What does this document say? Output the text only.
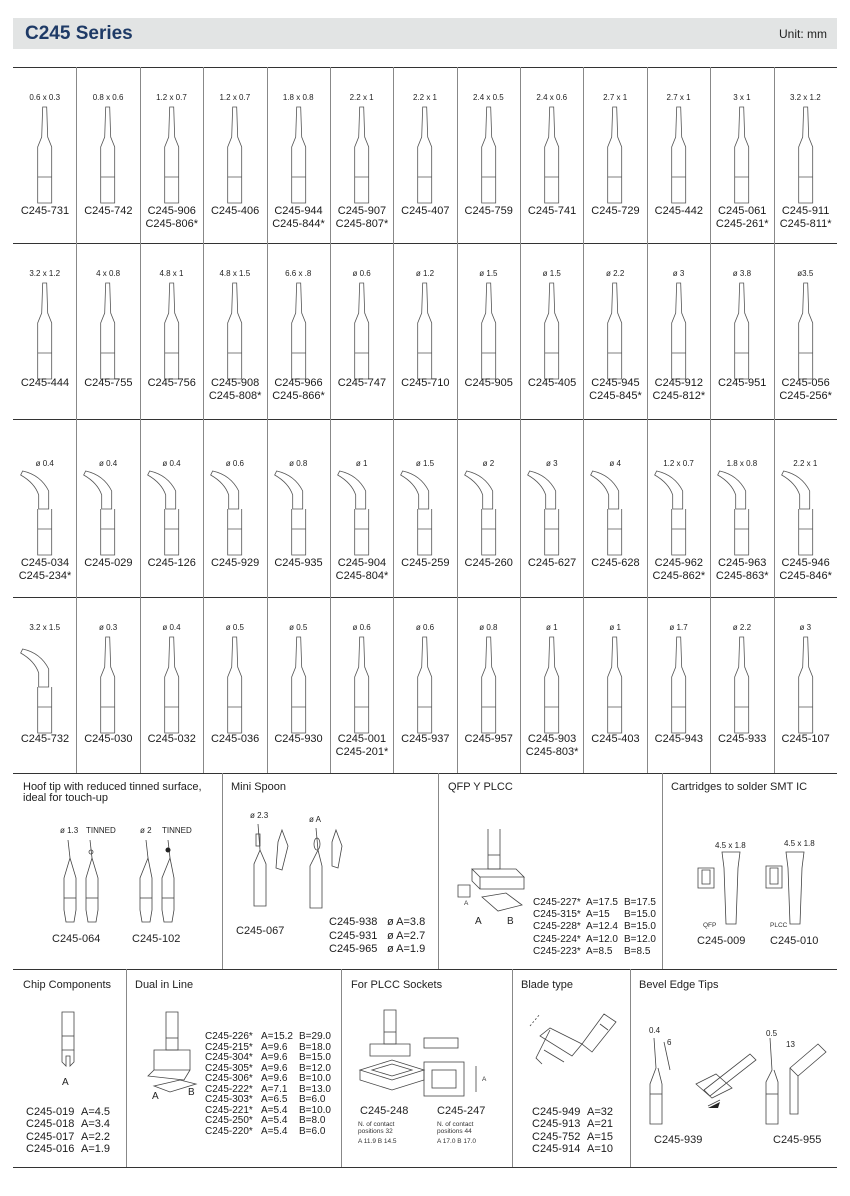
C245 Series	Unit: mm
0.6 x 0.3
C245-731
0.8 x 0.6
C245-742
1.2 x 0.7
C245-906
C245-806*
1.2 x 0.7
C245-406
1.8 x 0.8
C245-944
C245-844*
2.2 x 1
C245-907
C245-807*
2.2 x 1
C245-407
2.4 x 0.5
C245-759
2.4 x 0.6
C245-741
2.7 x 1
C245-729
2.7 x 1
C245-442
3 x 1
C245-061
C245-261*
3.2 x 1.2
C245-911
C245-811*
3.2 x 1.2
C245-444
4 x 0.8
C245-755
4.8 x 1
C245-756
4.8 x 1.5
C245-908
C245-808*
6.6 x .8
C245-966
C245-866*
ø 0.6
C245-747
ø 1.2
C245-710
ø 1.5
C245-905
ø 1.5
C245-405
ø 2.2
C245-945
C245-845*
ø 3
C245-912
C245-812*
ø 3.8
C245-951
ø3.5
C245-056
C245-256*
ø 0.4
C245-034
C245-234*
ø 0.4
C245-029
ø 0.4
C245-126
ø 0.6
C245-929
ø 0.8
C245-935
ø 1
C245-904
C245-804*
ø 1.5
C245-259
ø 2
C245-260
ø 3
C245-627
ø 4
C245-628
1.2 x 0.7
C245-962
C245-862*
1.8 x 0.8
C245-963
C245-863*
2.2 x 1
C245-946
C245-846*
3.2 x 1.5
C245-732
ø 0.3
C245-030
ø 0.4
C245-032
ø 0.5
C245-036
ø 0.5
C245-930
ø 0.6
C245-001
C245-201*
ø 0.6
C245-937
ø 0.8
C245-957
ø 1
C245-903
C245-803*
ø 1
C245-403
ø 1.7
C245-943
ø 2.2
C245-933
ø 3
C245-107
Hoof tip with reduced tinned surface, ideal for touch-up
ø 1.3 TINNED	ø 2 TINNED
C245-064	C245-102
Mini Spoon
ø 2.3	ø A
C245-067
C245-938 ø A=3.8
C245-931 ø A=2.7
C245-965 ø A=1.9
QFP Y PLCC
A
A	B
C245-227* A=17.5 B=17.5
C245-315* A=15 B=15.0
C245-228* A=12.4 B=15.0
C245-224* A=12.0 B=12.0
C245-223* A=8.5 B=8.5
Cartridges to solder SMT IC
4.5 x 1.8	4.5 x 1.8
QFP	PLCC
C245-009 C245-010
Chip Components
A
C245-019 A=4.5
C245-018 A=3.4
C245-017 A=2.2
C245-016 A=1.9
Dual in Line
A	B
C245-226* A=15.2 B=29.0
C245-215* A=9.6 B=18.0
C245-304* A=9.6 B=15.0
C245-305* A=9.6 B=12.0
C245-306* A=9.6 B=10.0
C245-222* A=7.1 B=13.0
C245-303* A=6.5 B=6.0
C245-221* A=5.4 B=10.0
C245-250* A=5.4 B=8.0
C245-220* A=5.4 B=6.0
For PLCC Sockets
A
C245-248	C245-247
N. of contact
positions 32
A 11.9 B 14.5
N. of contact
positions 44
A 17.0 B 17.0
Blade type
C245-949 A=32
C245-913 A=21
C245-752 A=15
C245-914 A=10
Bevel Edge Tips
0.4
6
0.5
13
C245-939	C245-955
